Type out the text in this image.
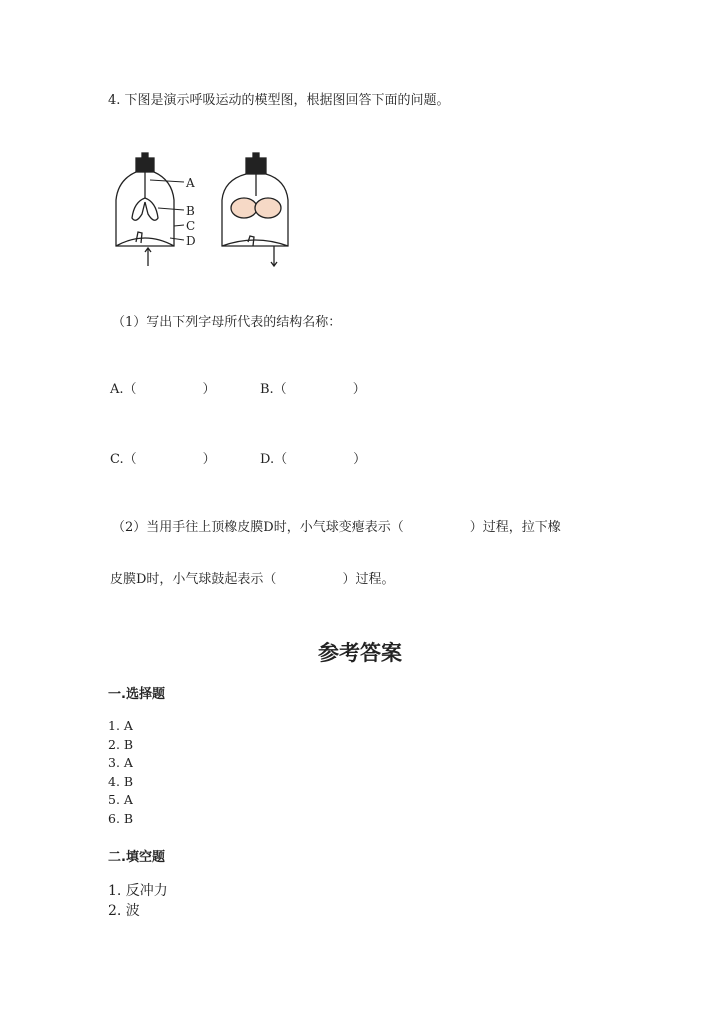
4. 下图是演示呼吸运动的模型图，根据图回答下面的问题。
A
B
C
D
（1）写出下列字母所代表的结构名称：
A.（	）	B.（	）
C.（	）	D.（	）
（2）当用手往上顶橡皮膜D时，小气球变瘪表示（	）过程，拉下橡
皮膜D时，小气球鼓起表示（	）过程。
参考答案
一.选择题
1. A
2. B
3. A
4. B
5. A
6. B
二.填空题
1. 反冲力
2. 波
